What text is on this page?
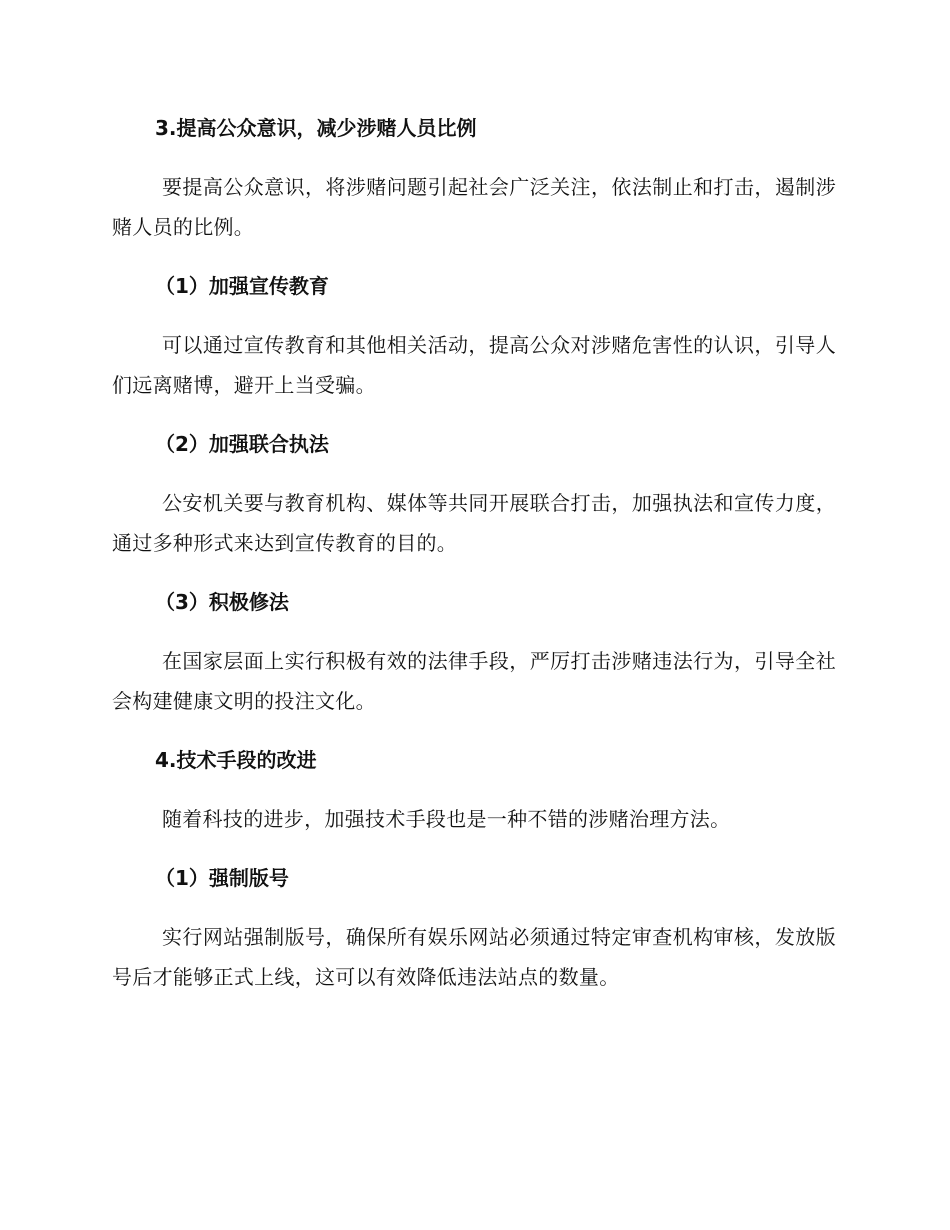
3.提高公众意识，减少涉赌人员比例

要提高公众意识，将涉赌问题引起社会广泛关注，依法制止和打击，遏制涉赌人员的比例。

（1）加强宣传教育

可以通过宣传教育和其他相关活动，提高公众对涉赌危害性的认识，引导人们远离赌博，避开上当受骗。

（2）加强联合执法

公安机关要与教育机构、媒体等共同开展联合打击，加强执法和宣传力度，通过多种形式来达到宣传教育的目的。

（3）积极修法

在国家层面上实行积极有效的法律手段，严厉打击涉赌违法行为，引导全社会构建健康文明的投注文化。

4.技术手段的改进

随着科技的进步，加强技术手段也是一种不错的涉赌治理方法。

（1）强制版号

实行网站强制版号，确保所有娱乐网站必须通过特定审查机构审核，发放版号后才能够正式上线，这可以有效降低违法站点的数量。
